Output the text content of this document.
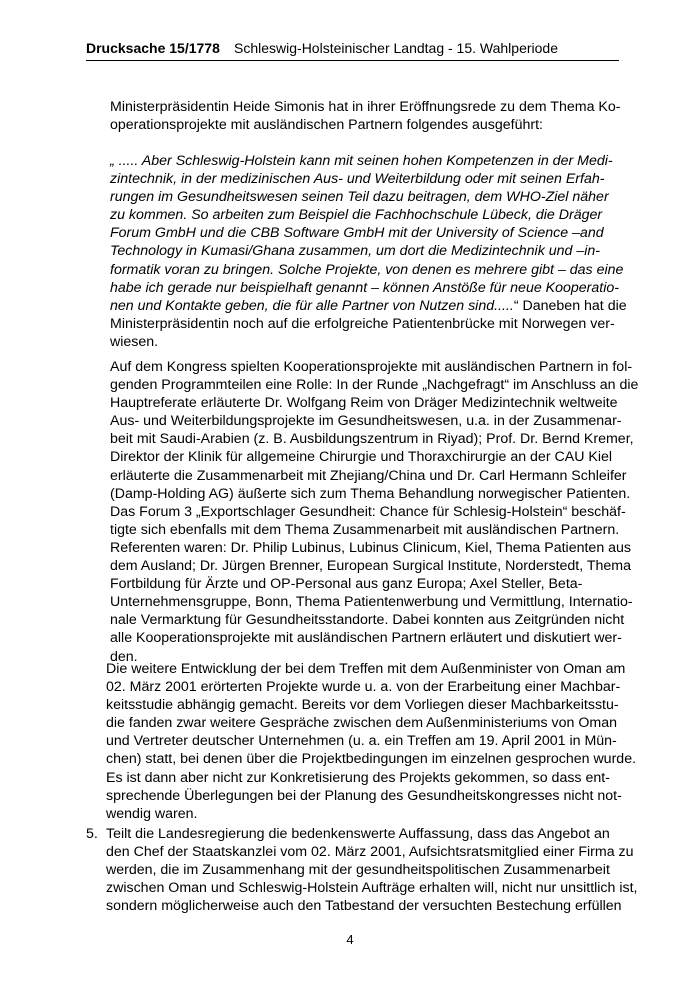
Drucksache 15/1778 Schleswig-Holsteinischer Landtag - 15. Wahlperiode
Ministerpräsidentin Heide Simonis hat in ihrer Eröffnungsrede zu dem Thema Ko-
operationsprojekte mit ausländischen Partnern folgendes ausgeführt:
„ ..... Aber Schleswig-Holstein kann mit seinen hohen Kompetenzen in der Medi-
zintechnik, in der medizinischen Aus- und Weiterbildung oder mit seinen Erfah-
rungen im Gesundheitswesen seinen Teil dazu beitragen, dem WHO-Ziel näher
zu kommen. So arbeiten zum Beispiel die Fachhochschule Lübeck, die Dräger
Forum GmbH und die CBB Software GmbH mit der University of Science –and
Technology in Kumasi/Ghana zusammen, um dort die Medizintechnik und –in-
formatik voran zu bringen. Solche Projekte, von denen es mehrere gibt – das eine
habe ich gerade nur beispielhaft genannt – können Anstöße für neue Kooperatio-
nen und Kontakte geben, die für alle Partner von Nutzen sind.....“ Daneben hat die
Ministerpräsidentin noch auf die erfolgreiche Patientenbrücke mit Norwegen ver-
wiesen.
Auf dem Kongress spielten Kooperationsprojekte mit ausländischen Partnern in fol-
genden Programmteilen eine Rolle: In der Runde „Nachgefragt“ im Anschluss an die
Hauptreferate erläuterte Dr. Wolfgang Reim von Dräger Medizintechnik weltweite
Aus- und Weiterbildungsprojekte im Gesundheitswesen, u.a. in der Zusammenar-
beit mit Saudi-Arabien (z. B. Ausbildungszentrum in Riyad); Prof. Dr. Bernd Kremer,
Direktor der Klinik für allgemeine Chirurgie und Thoraxchirurgie an der CAU Kiel
erläuterte die Zusammenarbeit mit Zhejiang/China und Dr. Carl Hermann Schleifer
(Damp-Holding AG) äußerte sich zum Thema Behandlung norwegischer Patienten.
Das Forum 3 „Exportschlager Gesundheit: Chance für Schlesig-Holstein“ beschäf-
tigte sich ebenfalls mit dem Thema Zusammenarbeit mit ausländischen Partnern.
Referenten waren: Dr. Philip Lubinus, Lubinus Clinicum, Kiel, Thema Patienten aus
dem Ausland; Dr. Jürgen Brenner, European Surgical Institute, Norderstedt, Thema
Fortbildung für Ärzte und OP-Personal aus ganz Europa; Axel Steller, Beta-
Unternehmensgruppe, Bonn, Thema Patientenwerbung und Vermittlung, Internatio-
nale Vermarktung für Gesundheitsstandorte. Dabei konnten aus Zeitgründen nicht
alle Kooperationsprojekte mit ausländischen Partnern erläutert und diskutiert wer-
den.
Die weitere Entwicklung der bei dem Treffen mit dem Außenminister von Oman am
02. März 2001 erörterten Projekte wurde u. a. von der Erarbeitung einer Machbar-
keitsstudie abhängig gemacht. Bereits vor dem Vorliegen dieser Machbarkeitsstu-
die fanden zwar weitere Gespräche zwischen dem Außenministeriums von Oman
und Vertreter deutscher Unternehmen (u. a. ein Treffen am 19. April 2001 in Mün-
chen) statt, bei denen über die Projektbedingungen im einzelnen gesprochen wurde.
Es ist dann aber nicht zur Konkretisierung des Projekts gekommen, so dass ent-
sprechende Überlegungen bei der Planung des Gesundheitskongresses nicht not-
wendig waren.
5. Teilt die Landesregierung die bedenkenswerte Auffassung, dass das Angebot an
den Chef der Staatskanzlei vom 02. März 2001, Aufsichtsratsmitglied einer Firma zu
werden, die im Zusammenhang mit der gesundheitspolitischen Zusammenarbeit
zwischen Oman und Schleswig-Holstein Aufträge erhalten will, nicht nur unsittlich ist,
sondern möglicherweise auch den Tatbestand der versuchten Bestechung erfüllen
4
